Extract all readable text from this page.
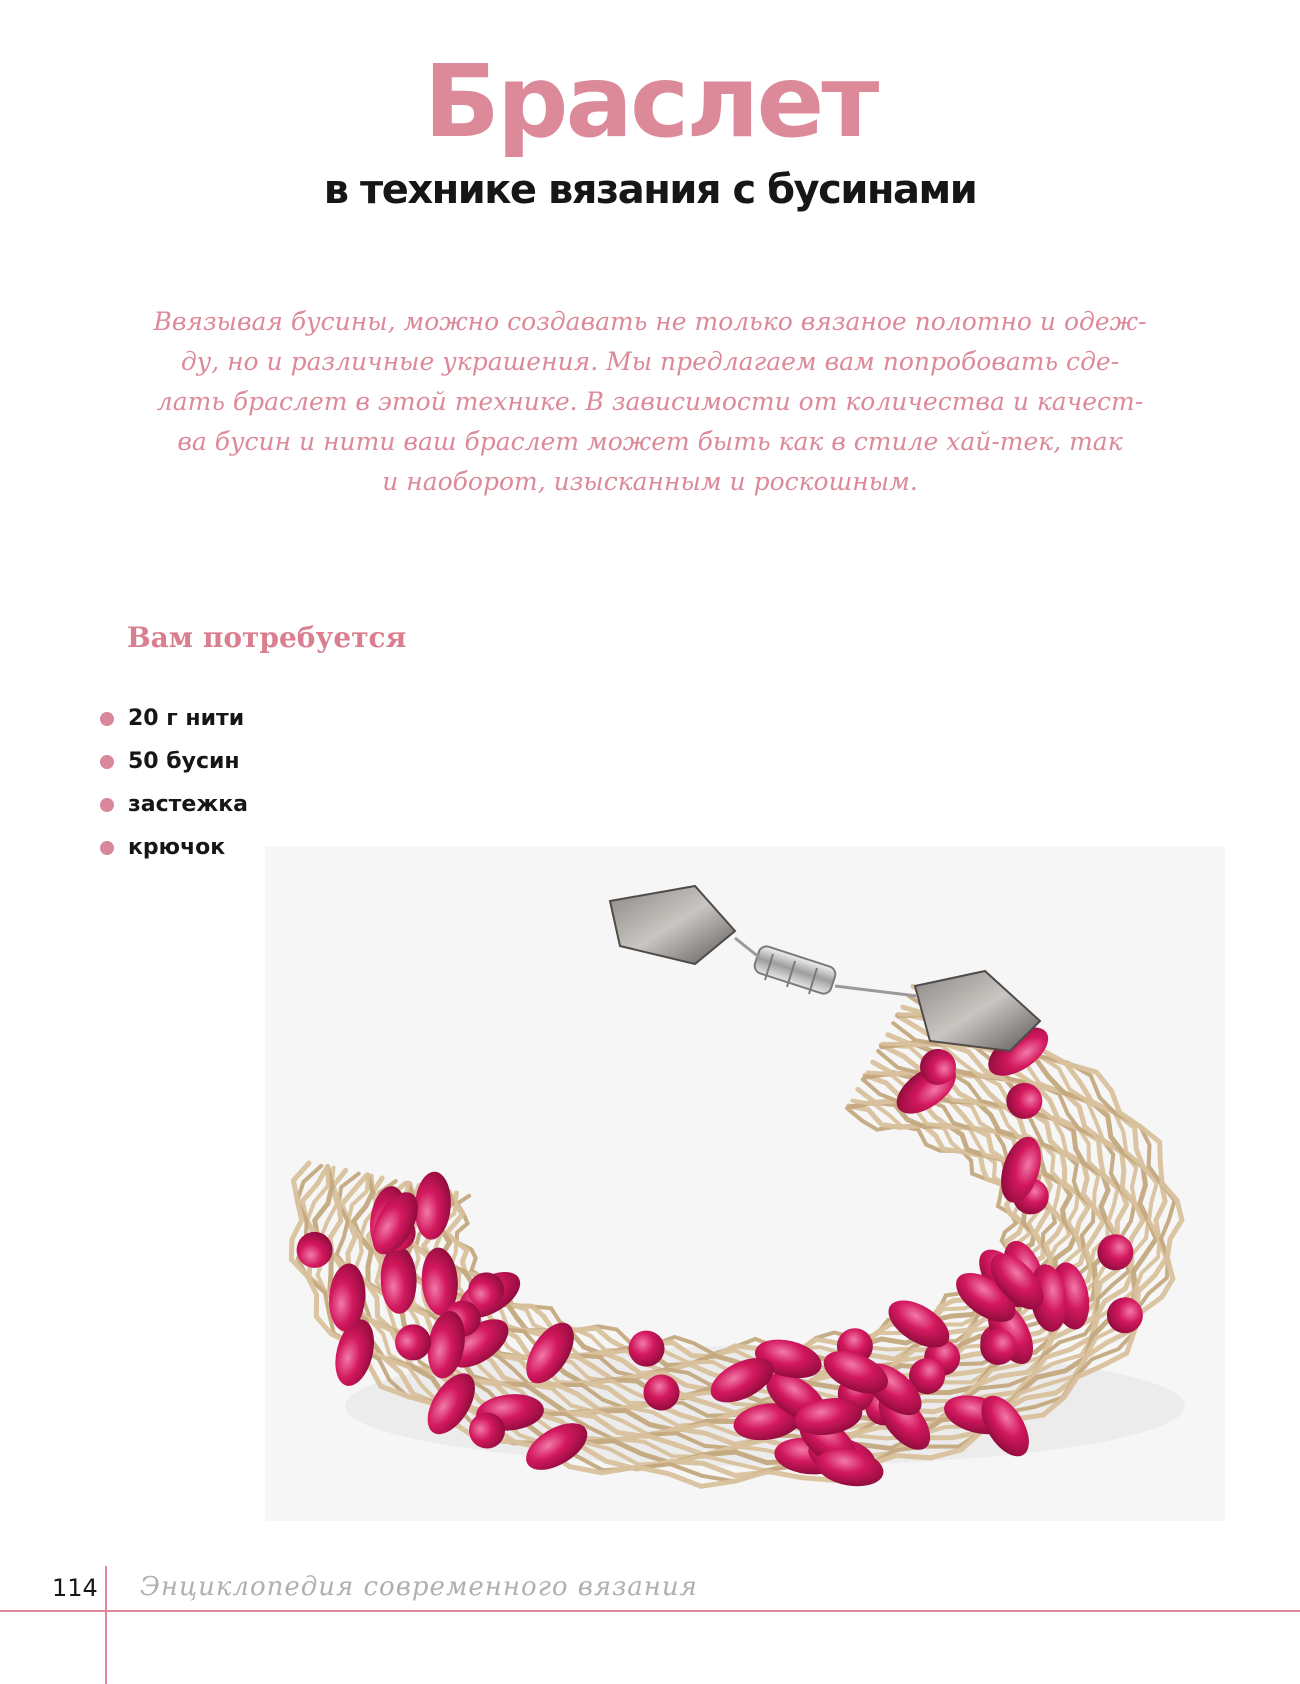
Браслет
в технике вязания с бусинами
Ввязывая бусины, можно создавать не только вязаное полотно и одеж-
ду, но и различные украшения. Мы предлагаем вам попробовать сде-
лать браслет в этой технике. В зависимости от количества и качест-
ва бусин и нити ваш браслет может быть как в стиле хай-тек, так
и наоборот, изысканным и роскошным.
Вам потребуется
20 г нити
50 бусин
застежка
крючок
114 Энциклопедия современного вязания
